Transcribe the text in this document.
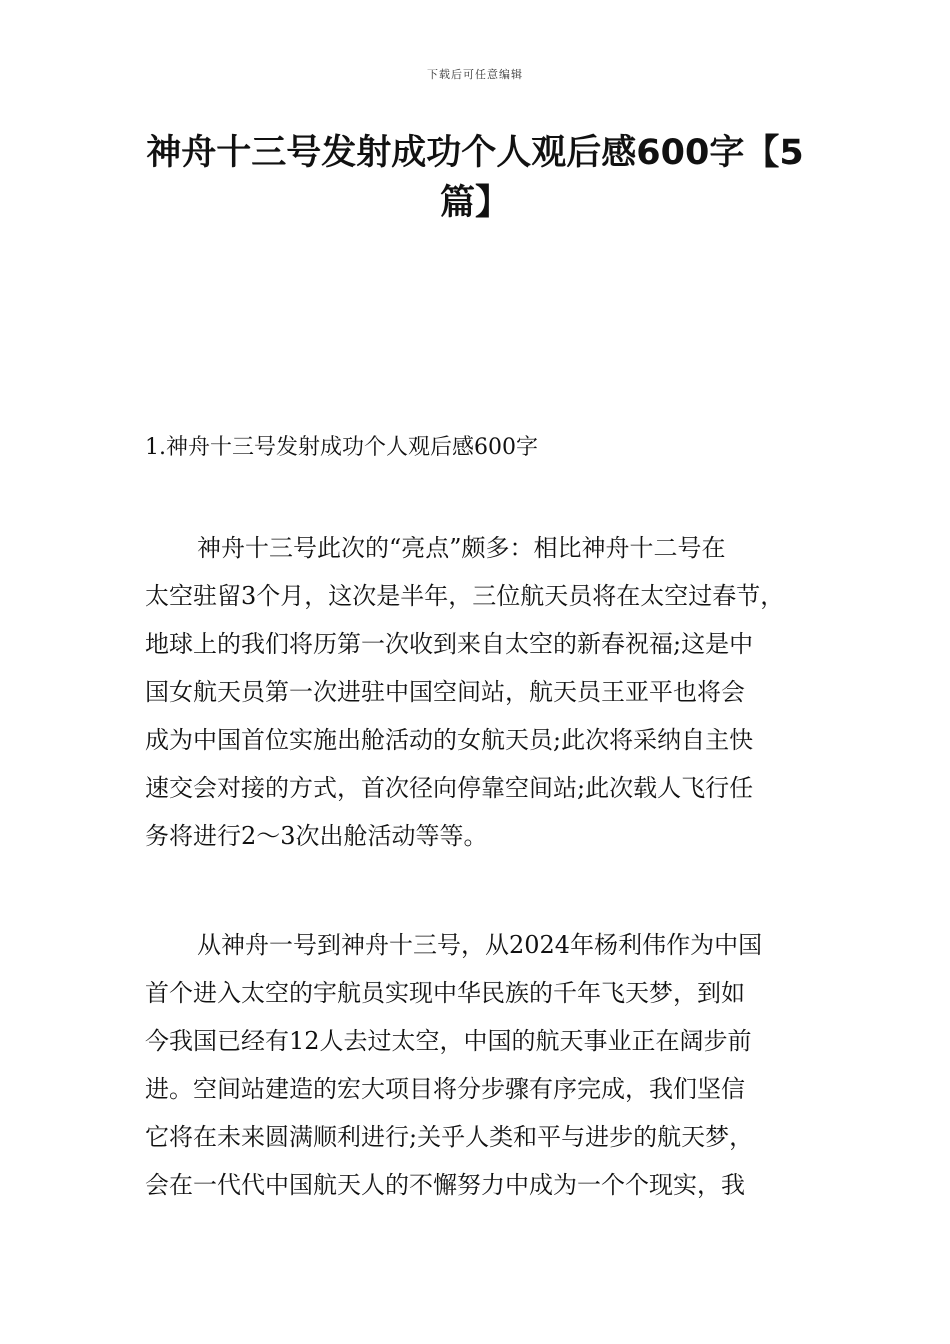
下载后可任意编辑
神舟十三号发射成功个人观后感600字【5
篇】
1.神舟十三号发射成功个人观后感600字
神舟十三号此次的“亮点”颇多：相比神舟十二号在
太空驻留3个月，这次是半年，三位航天员将在太空过春节，
地球上的我们将历第一次收到来自太空的新春祝福;这是中
国女航天员第一次进驻中国空间站，航天员王亚平也将会
成为中国首位实施出舱活动的女航天员;此次将采纳自主快
速交会对接的方式，首次径向停靠空间站;此次载人飞行任
务将进行2～3次出舱活动等等。
从神舟一号到神舟十三号，从2024年杨利伟作为中国
首个进入太空的宇航员实现中华民族的千年飞天梦，到如
今我国已经有12人去过太空，中国的航天事业正在阔步前
进。空间站建造的宏大项目将分步骤有序完成，我们坚信
它将在未来圆满顺利进行;关乎人类和平与进步的航天梦，
会在一代代中国航天人的不懈努力中成为一个个现实，我
